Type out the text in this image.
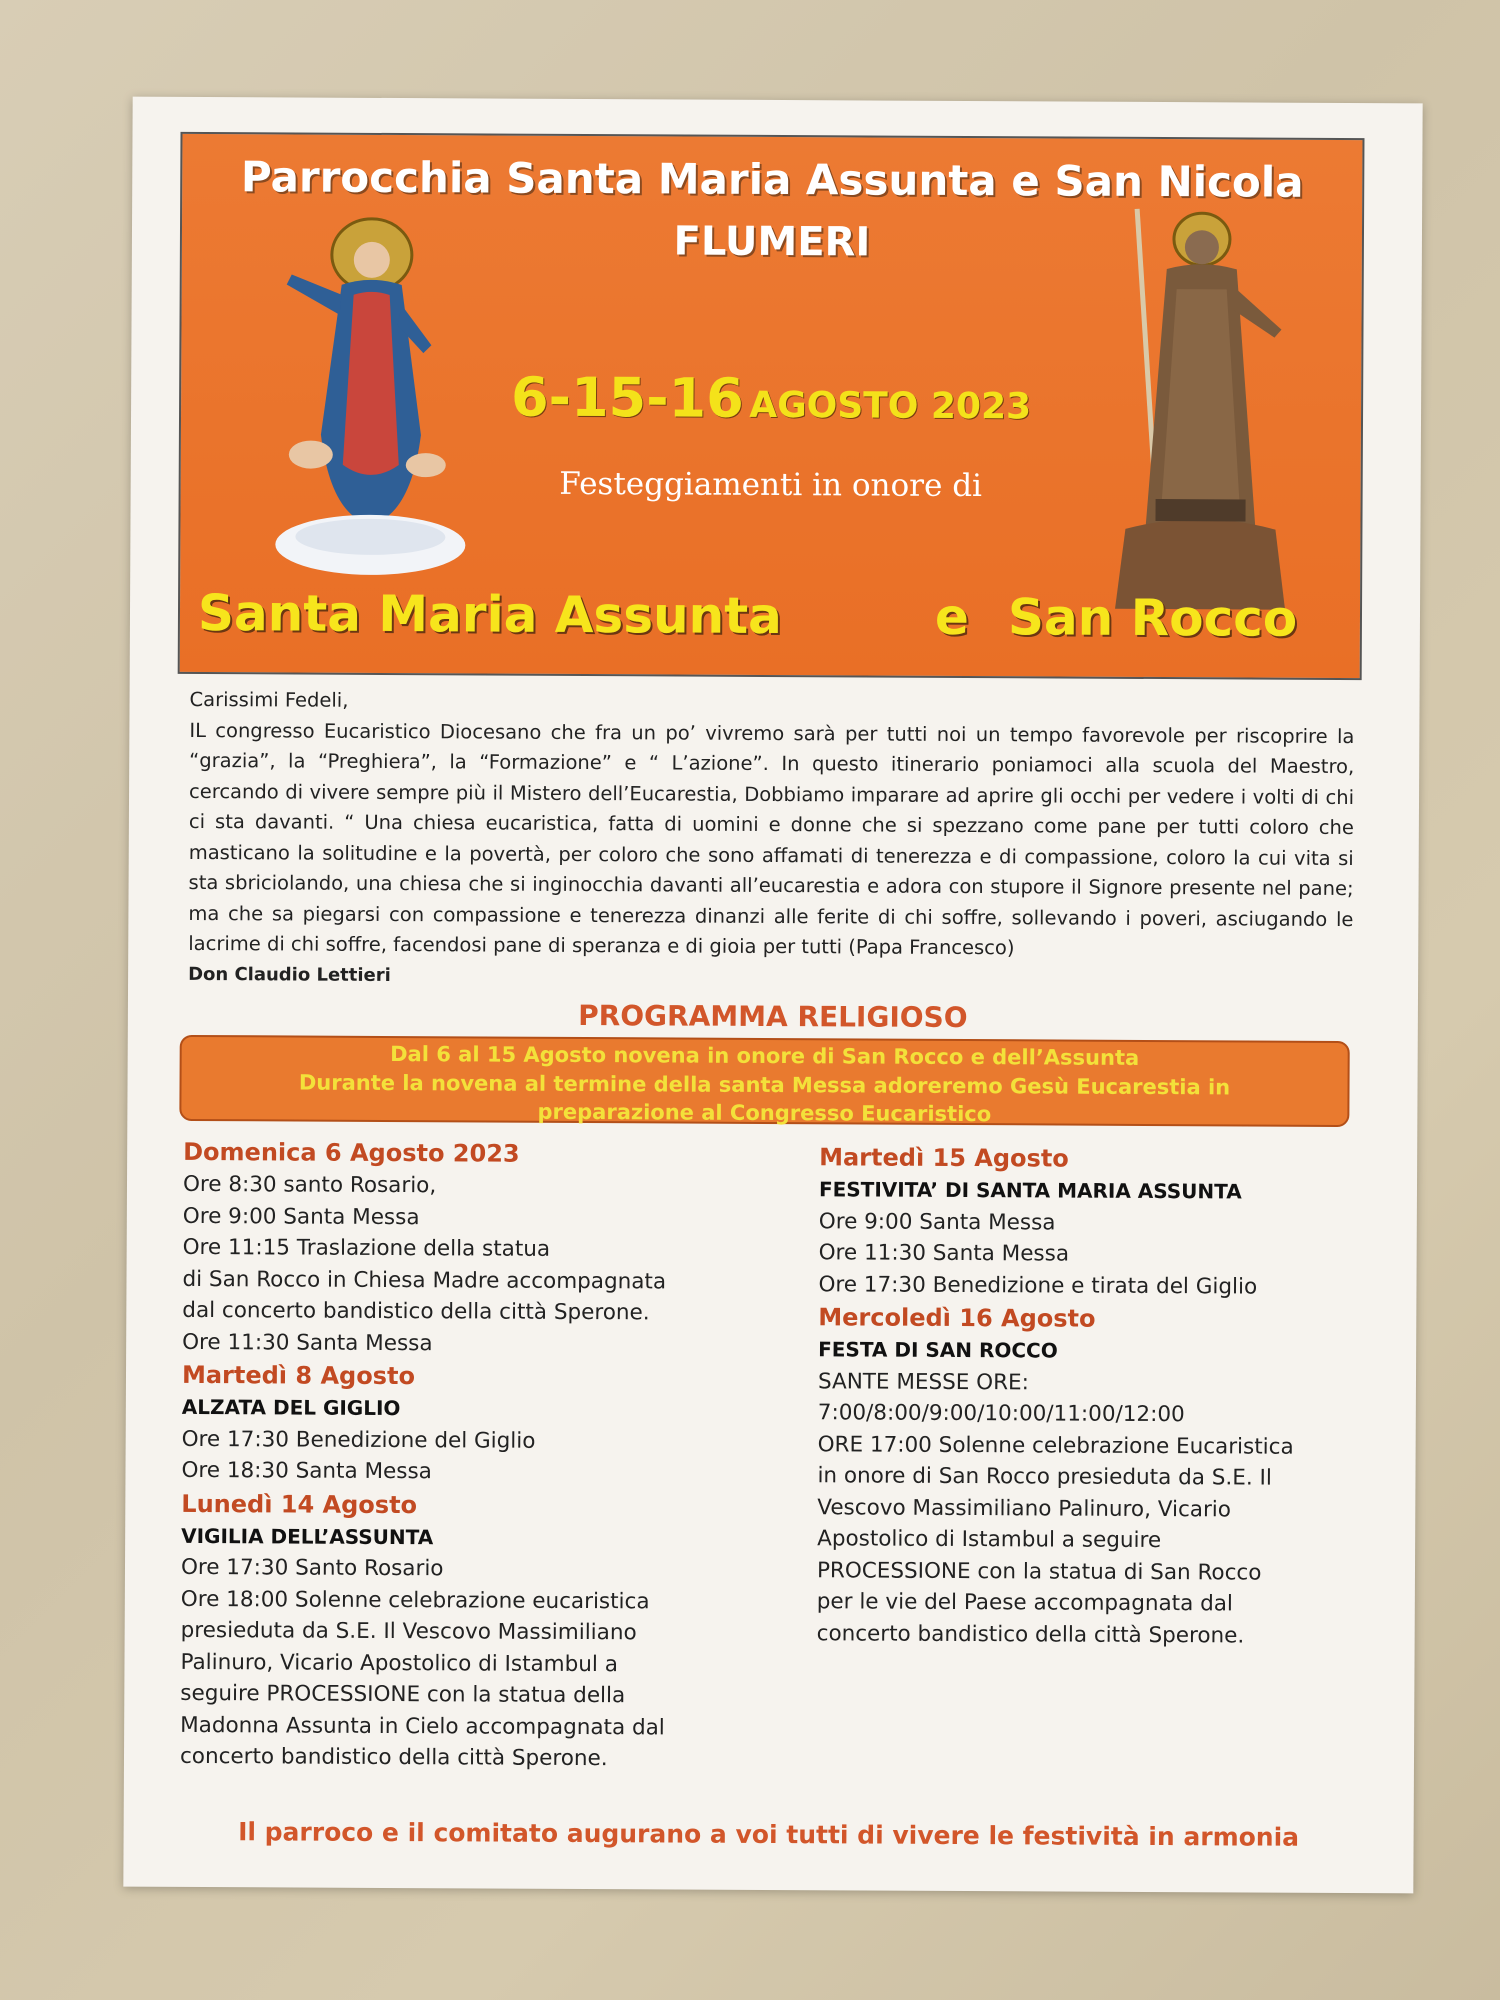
Parrocchia Santa Maria Assunta e San Nicola
FLUMERI
6-15-16 AGOSTO 2023
Festeggiamenti in onore di
Santa Maria Assunta	e San Rocco
Carissimi Fedeli,
IL congresso Eucaristico Diocesano che fra un po’ vivremo sarà per tutti noi un tempo favorevole per riscoprire la “grazia”, la “Preghiera”, la “Formazione” e “ L’azione”. In questo itinerario poniamoci alla scuola del Maestro, cercando di vivere sempre più il Mistero dell’Eucarestia, Dobbiamo imparare ad aprire gli occhi per vedere i volti di chi ci sta davanti. “ Una chiesa eucaristica, fatta di uomini e donne che si spezzano come pane per tutti coloro che masticano la solitudine e la povertà, per coloro che sono affamati di tenerezza e di compassione, coloro la cui vita si sta sbriciolando, una chiesa che si inginocchia davanti all’eucarestia e adora con stupore il Signore presente nel pane; ma che sa piegarsi con compassione e tenerezza dinanzi alle ferite di chi soffre, sollevando i poveri, asciugando le lacrime di chi soffre, facendosi pane di speranza e di gioia per tutti (Papa Francesco)
Don Claudio Lettieri
PROGRAMMA RELIGIOSO
Dal 6 al 15 Agosto novena in onore di San Rocco e dell’Assunta
Durante la novena al termine della santa Messa adoreremo Gesù Eucarestia in
preparazione al Congresso Eucaristico
Domenica 6 Agosto 2023
Ore 8:30 santo Rosario,
Ore 9:00 Santa Messa
Ore 11:15 Traslazione della statua
di San Rocco in Chiesa Madre accompagnata
dal concerto bandistico della città Sperone.
Ore 11:30 Santa Messa
Martedì 8 Agosto
ALZATA DEL GIGLIO
Ore 17:30 Benedizione del Giglio
Ore 18:30 Santa Messa
Lunedì 14 Agosto
VIGILIA DELL’ASSUNTA
Ore 17:30 Santo Rosario
Ore 18:00 Solenne celebrazione eucaristica
presieduta da S.E. Il Vescovo Massimiliano
Palinuro, Vicario Apostolico di Istambul a
seguire PROCESSIONE con la statua della
Madonna Assunta in Cielo accompagnata dal
concerto bandistico della città Sperone.
Martedì 15 Agosto
FESTIVITA’ DI SANTA MARIA ASSUNTA
Ore 9:00 Santa Messa
Ore 11:30 Santa Messa
Ore 17:30 Benedizione e tirata del Giglio
Mercoledì 16 Agosto
FESTA DI SAN ROCCO
SANTE MESSE ORE:
7:00/8:00/9:00/10:00/11:00/12:00
ORE 17:00 Solenne celebrazione Eucaristica
in onore di San Rocco presieduta da S.E. Il
Vescovo Massimiliano Palinuro, Vicario
Apostolico di Istambul a seguire
PROCESSIONE con la statua di San Rocco
per le vie del Paese accompagnata dal
concerto bandistico della città Sperone.
Il parroco e il comitato augurano a voi tutti di vivere le festività in armonia
